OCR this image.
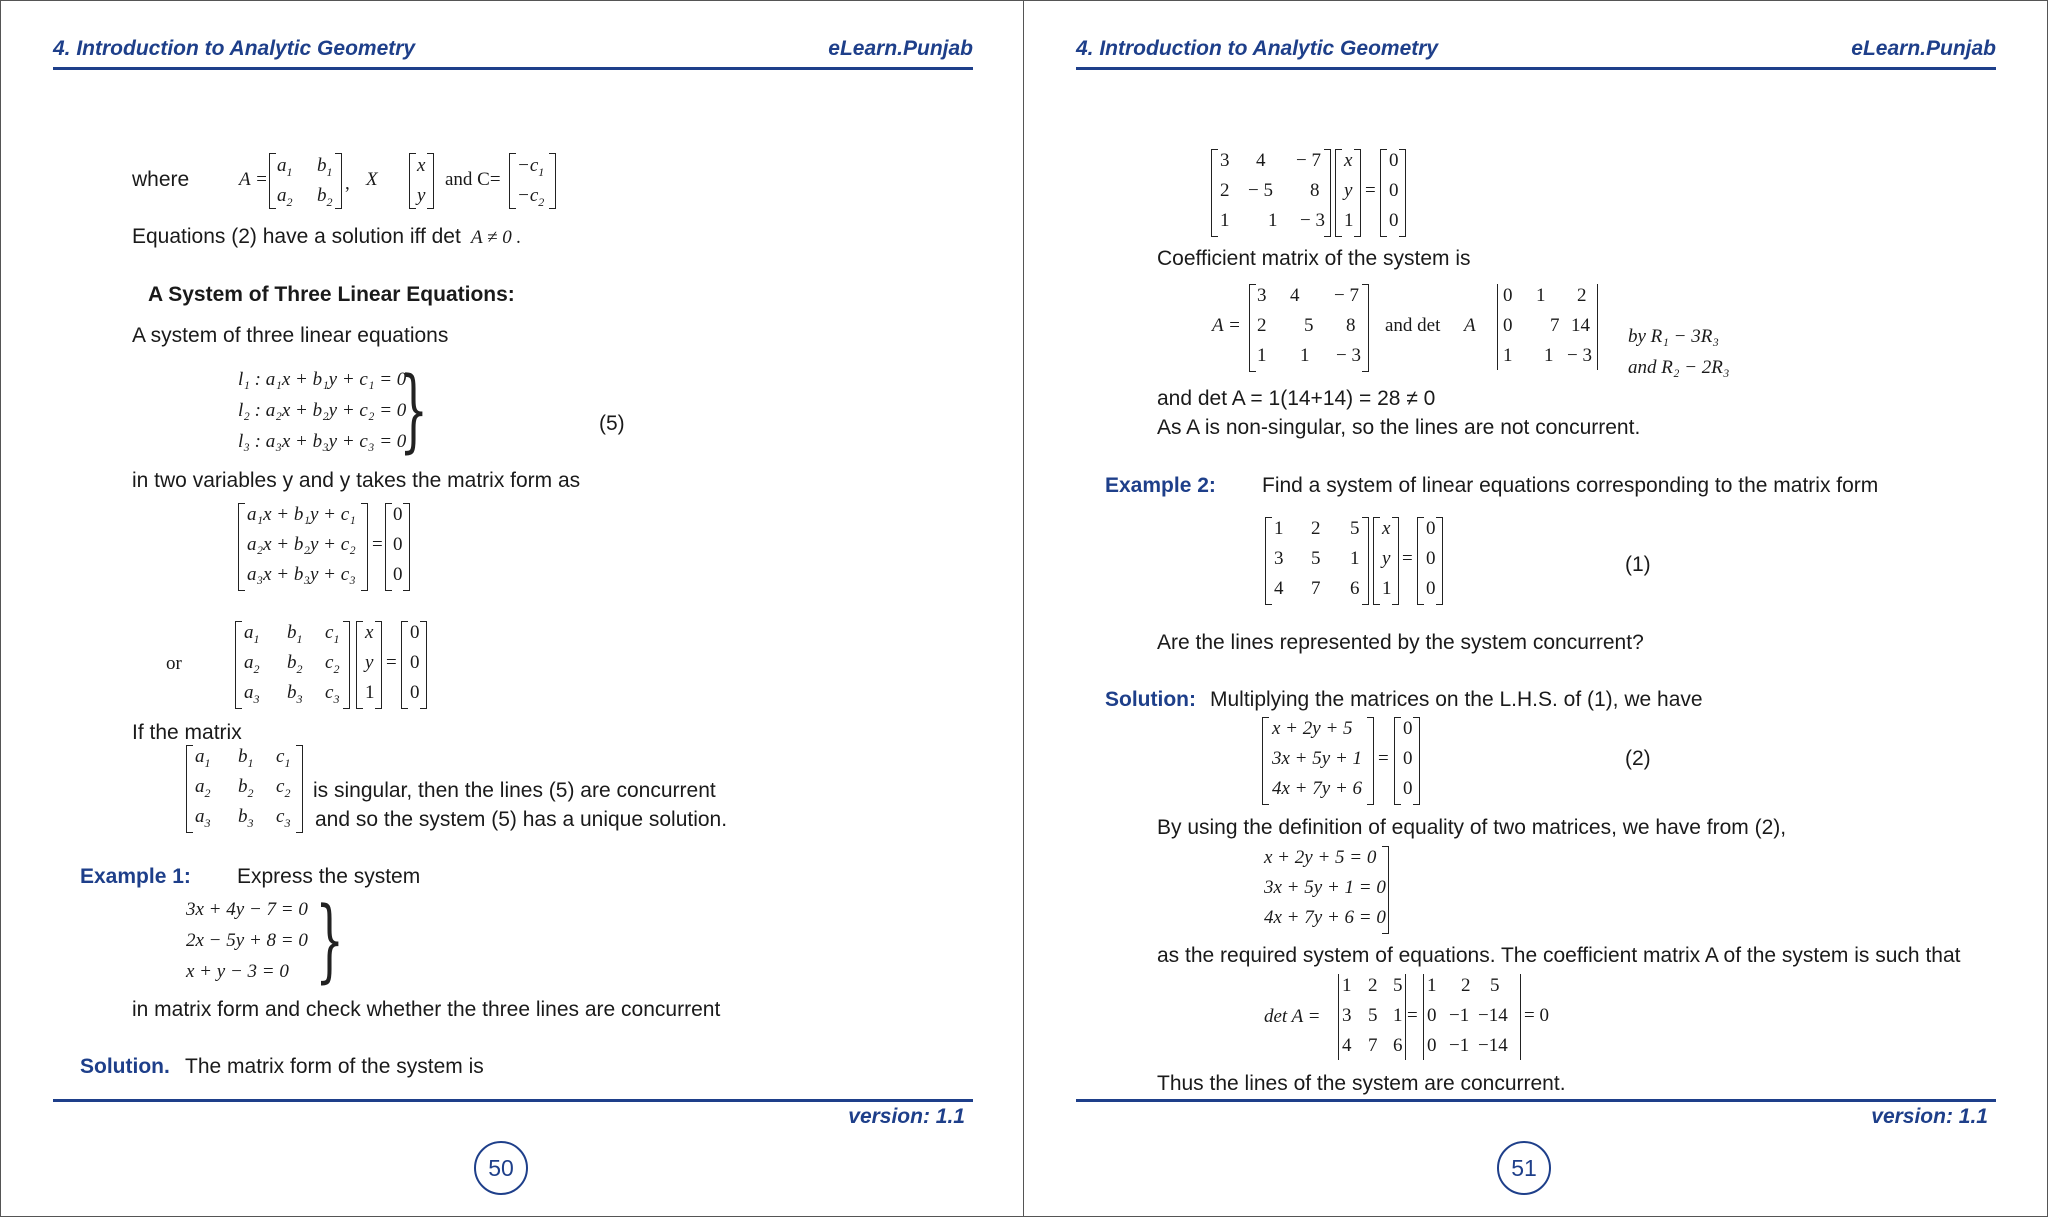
4. Introduction to Analytic Geometry	eLearn.Punjab
where	A =
$a_1$ $b_1$
$a_2$ $b_2$
, X
x
y
and C=
$-c_1$
$-c_2$
Equations (2) have a solution iff det A ≠ 0 .
A System of Three Linear Equations:
A system of three linear equations
l₁ : a₁x + b₁y + c₁ = 0
l₂ : a₂x + b₂y + c₂ = 0
l₃ : a₃x + b₃y + c₃ = 0
}	(5)
in two variables y and y takes the matrix form as
a₁x + b₁y + c₁
a₂x + b₂y + c₂
a₃x + b₃y + c₃
=
0
0
0
or
$a_1$ $b_1$ $c_1$
$a_2$ $b_2$ $c_2$
$a_3$ $b_3$ $c_3$
x
y
1
=
0
0
0
If the matrix
$a_1$ $b_1$ $c_1$
$a_2$ $b_2$ $c_2$
$a_3$ $b_3$ $c_3$
is singular, then the lines (5) are concurrent
and so the system (5) has a unique solution.
Example 1: Express the system
3x + 4y − 7 = 0
2x − 5y + 8 = 0
x + y − 3 = 0 }
in matrix form and check whether the three lines are concurrent
Solution. The matrix form of the system is
version: 1.1
50
4. Introduction to Analytic Geometry	eLearn.Punjab
3 4 − 7
2 − 5 8
1 1 − 3
x
y
1
=
0
0
0
Coefficient matrix of the system is
A =
3 4 − 7
2 5 8
1 1 − 3
and det A
0 1 2
0 7 14
1 1 − 3
by R₁ − 3R₃
and R₂ − 2R₃
and det A = 1(14+14) = 28 ≠ 0
As A is non-singular, so the lines are not concurrent.
Example 2: Find a system of linear equations corresponding to the matrix form
1 2 5
3 5 1
4 7 6
x
y
1
=
0
0
0
(1)
Are the lines represented by the system concurrent?
Solution: Multiplying the matrices on the L.H.S. of (1), we have
x + 2y + 5
3x + 5y + 1
4x + 7y + 6
=
0
0
0
(2)
By using the definition of equality of two matrices, we have from (2),
x + 2y + 5 = 0
3x + 5y + 1 = 0
4x + 7y + 6 = 0
as the required system of equations. The coefficient matrix A of the system is such that
det A =
1 2 5
3 5 1
4 7 6
=
1 2 5
0 −1 −14
0 −1 −14
= 0
Thus the lines of the system are concurrent.
version: 1.1
51
